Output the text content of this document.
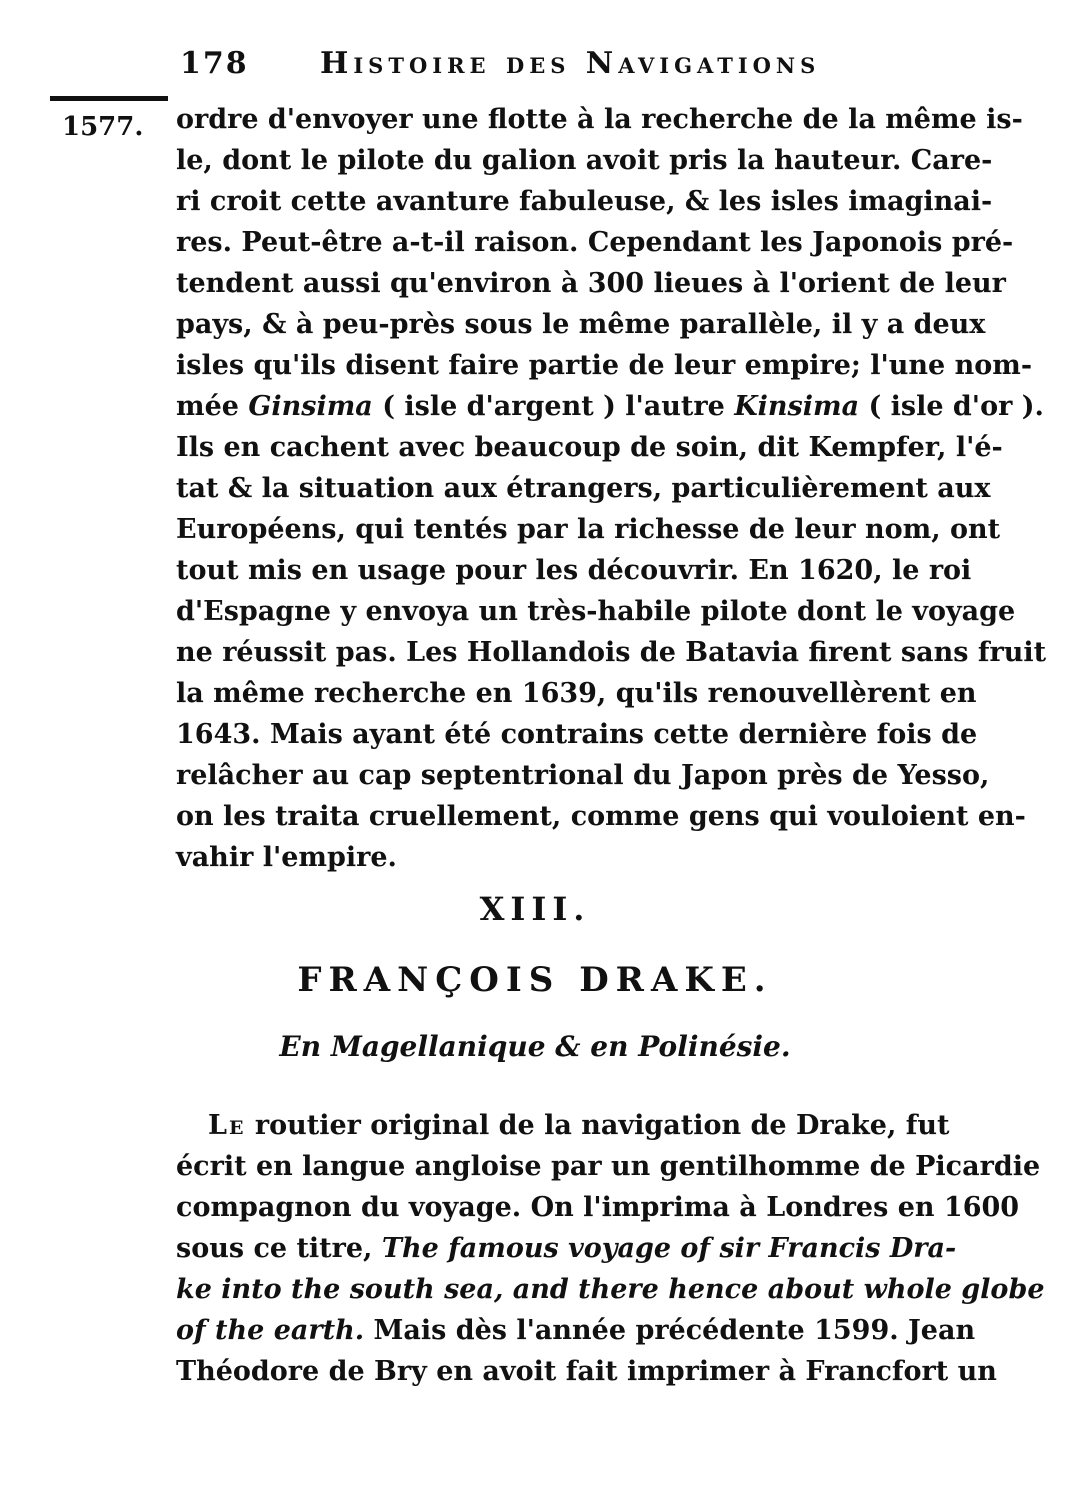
178 Histoire des Navigations
1577. ordre d'envoyer une flotte à la recherche de la même is-
le, dont le pilote du galion avoit pris la hauteur. Care-
ri croit cette avanture fabuleuse, & les isles imaginai-
res. Peut-être a-t-il raison. Cependant les Japonois pré-
tendent aussi qu'environ à 300 lieues à l'orient de leur
pays, & à peu-près sous le même parallèle, il y a deux
isles qu'ils disent faire partie de leur empire; l'une nom-
mée Ginsima ( isle d'argent ) l'autre Kinsima ( isle d'or ).
Ils en cachent avec beaucoup de soin, dit Kempfer, l'é-
tat & la situation aux étrangers, particulièrement aux
Européens, qui tentés par la richesse de leur nom, ont
tout mis en usage pour les découvrir. En 1620, le roi
d'Espagne y envoya un très-habile pilote dont le voyage
ne réussit pas. Les Hollandois de Batavia firent sans fruit
la même recherche en 1639, qu'ils renouvellèrent en
1643. Mais ayant été contrains cette dernière fois de
relâcher au cap septentrional du Japon près de Yesso,
on les traita cruellement, comme gens qui vouloient en-
vahir l'empire.
XIII.
FRANÇOIS DRAKE.
En Magellanique & en Polinésie.
Le routier original de la navigation de Drake, fut
écrit en langue angloise par un gentilhomme de Picardie
compagnon du voyage. On l'imprima à Londres en 1600
sous ce titre, The famous voyage of sir Francis Dra-
ke into the south sea, and there hence about whole globe
of the earth. Mais dès l'année précédente 1599. Jean
Théodore de Bry en avoit fait imprimer à Francfort un
